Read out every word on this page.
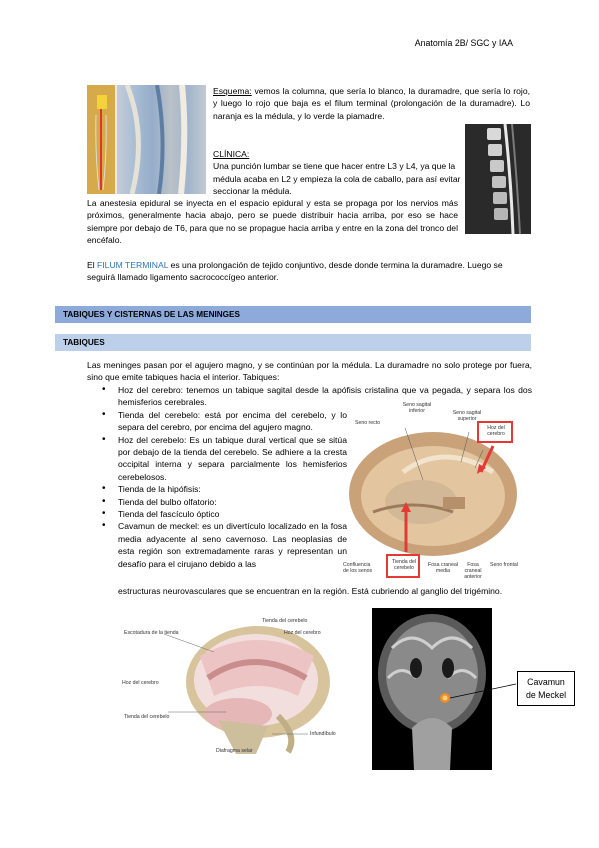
Anatomía 2B/ SGC y IAA
Esquema: vemos la columna, que sería lo blanco, la duramadre, que sería lo rojo, y luego lo rojo que baja es el filum terminal (prolongación de la duramadre). Lo naranja es la médula, y lo verde la piamadre.
CLÍNICA:
Una punción lumbar se tiene que hacer entre L3 y L4, ya que la médula acaba en L2 y empieza la cola de caballo, para así evitar seccionar la médula.
La anestesia epidural se inyecta en el espacio epidural y esta se propaga por los nervios más próximos, generalmente hacia abajo, pero se puede distribuir hacia arriba, por eso se hace siempre por debajo de T6, para que no se propague hacia arriba y entre en la zona del tronco del encéfalo.
El FILUM TERMINAL es una prolongación de tejido conjuntivo, desde donde termina la duramadre. Luego se seguirá llamado ligamento sacrococcígeo anterior.
TABIQUES Y CISTERNAS DE LAS MENINGES
TABIQUES
Las meninges pasan por el agujero magno, y se continúan por la médula. La duramadre no solo protege por fuera, sino que emite tabiques hacia el interior. Tabiques:
• Hoz del cerebro: tenemos un tabique sagital desde la apófisis cristalina que va pegada, y separa los dos hemisferios cerebrales.
• Tienda del cerebelo: está por encima del cerebelo, y lo separa del cerebro, por encima del agujero magno.
• Hoz del cerebelo: Es un tabique dural vertical que se sitúa por debajo de la tienda del cerebelo. Se adhiere a la cresta occipital interna y separa parcialmente los hemisferios cerebelosos.
• Tienda de la hipófisis:
• Tienda del bulbo olfatorio:
• Tienda del fascículo óptico
• Cavamun de meckel: es un divertículo localizado en la fosa media adyacente al seno cavernoso. Las neoplasias de esta región son extremadamente raras y representan un desafío para el cirujano debido a las
estructuras neurovasculares que se encuentran en la región. Está cubriendo al ganglio del trigémino.
Seno sagital inferior
Seno recto
Seno sagital superior
Hoz del cerebro
Confluencia de los senos
Tienda del cerebelo	Fosa craneal media
Fosa craneal anterior
Seno frontal
Escotadura de la tienda
Tienda del cerebelo
Hoz del cerebro
Hoz del cerebro
Tienda del cerebelo
Infundíbulo
Diafragma selar
Cavamun
de Meckel
